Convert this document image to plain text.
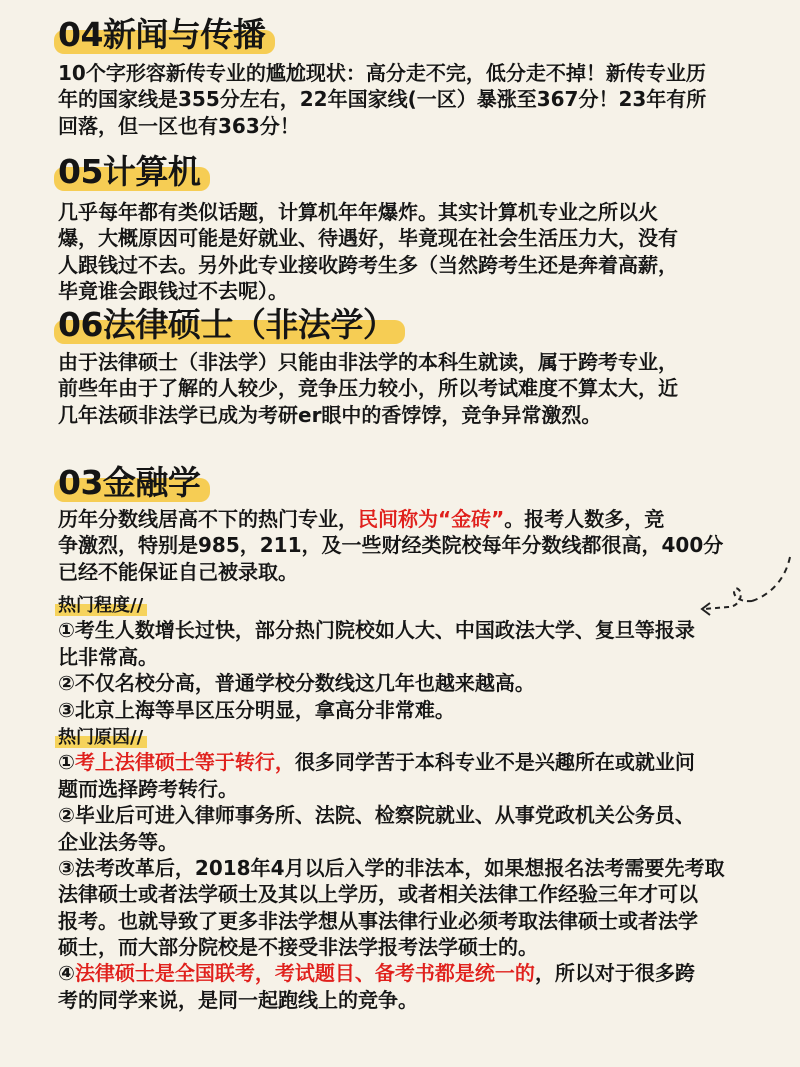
04新闻与传播
10个字形容新传专业的尴尬现状：高分走不完，低分走不掉！新传专业历
年的国家线是355分左右，22年国家线(一区）暴涨至367分！23年有所
回落，但一区也有363分！
05计算机
几乎每年都有类似话题，计算机年年爆炸。其实计算机专业之所以火
爆，大概原因可能是好就业、待遇好，毕竟现在社会生活压力大，没有
人跟钱过不去。另外此专业接收跨考生多（当然跨考生还是奔着高薪，
毕竟谁会跟钱过不去呢）。
06法律硕士（非法学）
由于法律硕士（非法学）只能由非法学的本科生就读，属于跨考专业，
前些年由于了解的人较少，竞争压力较小，所以考试难度不算太大，近
几年法硕非法学已成为考研er眼中的香饽饽，竞争异常激烈。
03金融学
历年分数线居高不下的热门专业，民间称为“金砖”。报考人数多，竞
争激烈，特别是985，211，及一些财经类院校每年分数线都很高，400分
已经不能保证自己被录取。
热门程度//
①考生人数增长过快，部分热门院校如人大、中国政法大学、复旦等报录
比非常高。
②不仅名校分高，普通学校分数线这几年也越来越高。
③北京上海等旱区压分明显，拿高分非常难。
热门原因//
①考上法律硕士等于转行，很多同学苦于本科专业不是兴趣所在或就业问
题而选择跨考转行。
②毕业后可进入律师事务所、法院、检察院就业、从事党政机关公务员、
企业法务等。
③法考改革后，2018年4月以后入学的非法本，如果想报名法考需要先考取
法律硕士或者法学硕士及其以上学历，或者相关法律工作经验三年才可以
报考。也就导致了更多非法学想从事法律行业必须考取法律硕士或者法学
硕士，而大部分院校是不接受非法学报考法学硕士的。
④法律硕士是全国联考，考试题目、备考书都是统一的，所以对于很多跨
考的同学来说，是同一起跑线上的竞争。
